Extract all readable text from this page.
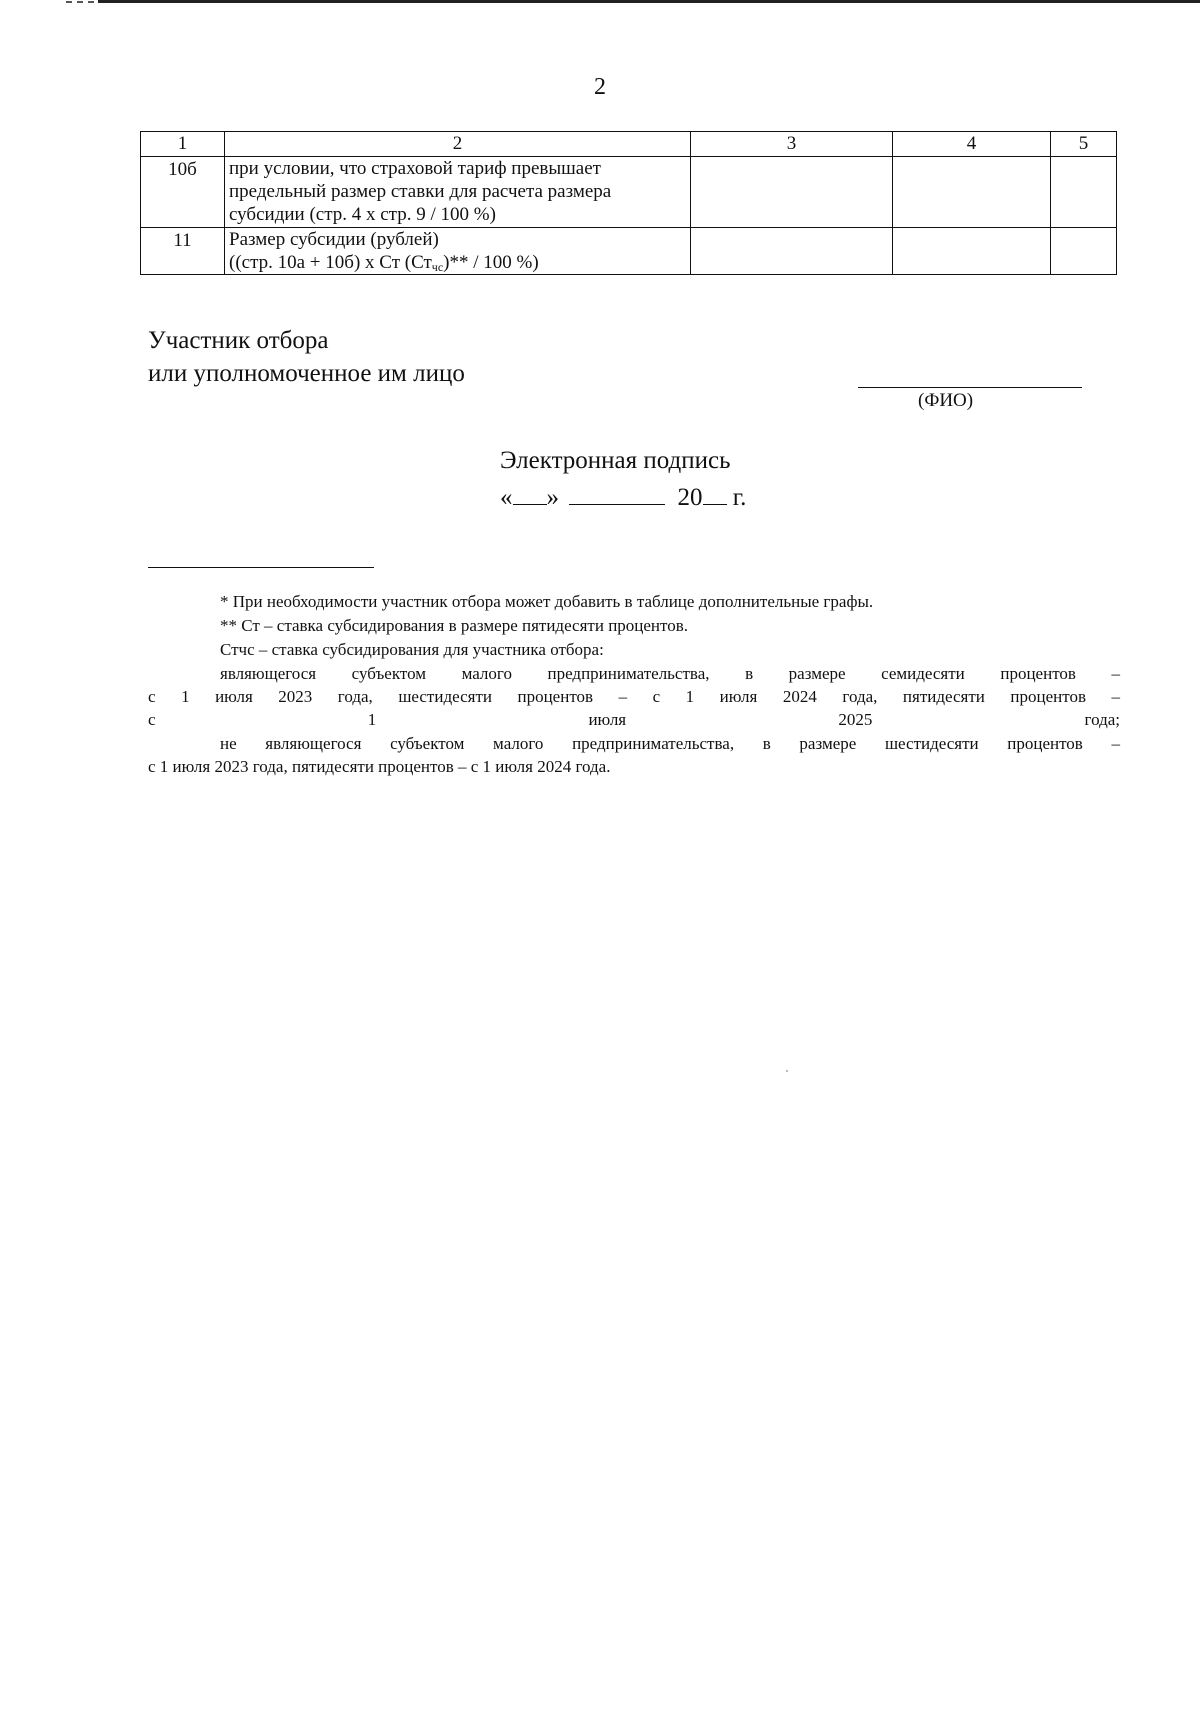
2
1	2	3	4	5
10б	при условии, что страховой тариф превышает
предельный размер ставки для расчета размера
субсидии (стр. 4 х стр. 9 / 100 %)			

11	Размер субсидии (рублей)
((стр. 10а + 10б) х Ст $(Ст_{чс})** / 100$ %)			

Участник отбора
или уполномоченное им лицо
(ФИО)
Электронная подпись
« »	20 г.

* При необходимости участник отбора может добавить в таблице дополнительные графы.

** Ст – ставка субсидирования в размере пятидесяти процентов.

Стчс – ставка субсидирования для участника отбора:

являющегося субъектом малого предпринимательства, в размере семидесяти процентов –
с 1 июля 2023 года, шестидесяти процентов – с 1 июля 2024 года, пятидесяти процентов –
с 1 июля 2025 года;

не являющегося субъектом малого предпринимательства, в размере шестидесяти процентов –
с 1 июля 2023 года, пятидесяти процентов – с 1 июля 2024 года.
